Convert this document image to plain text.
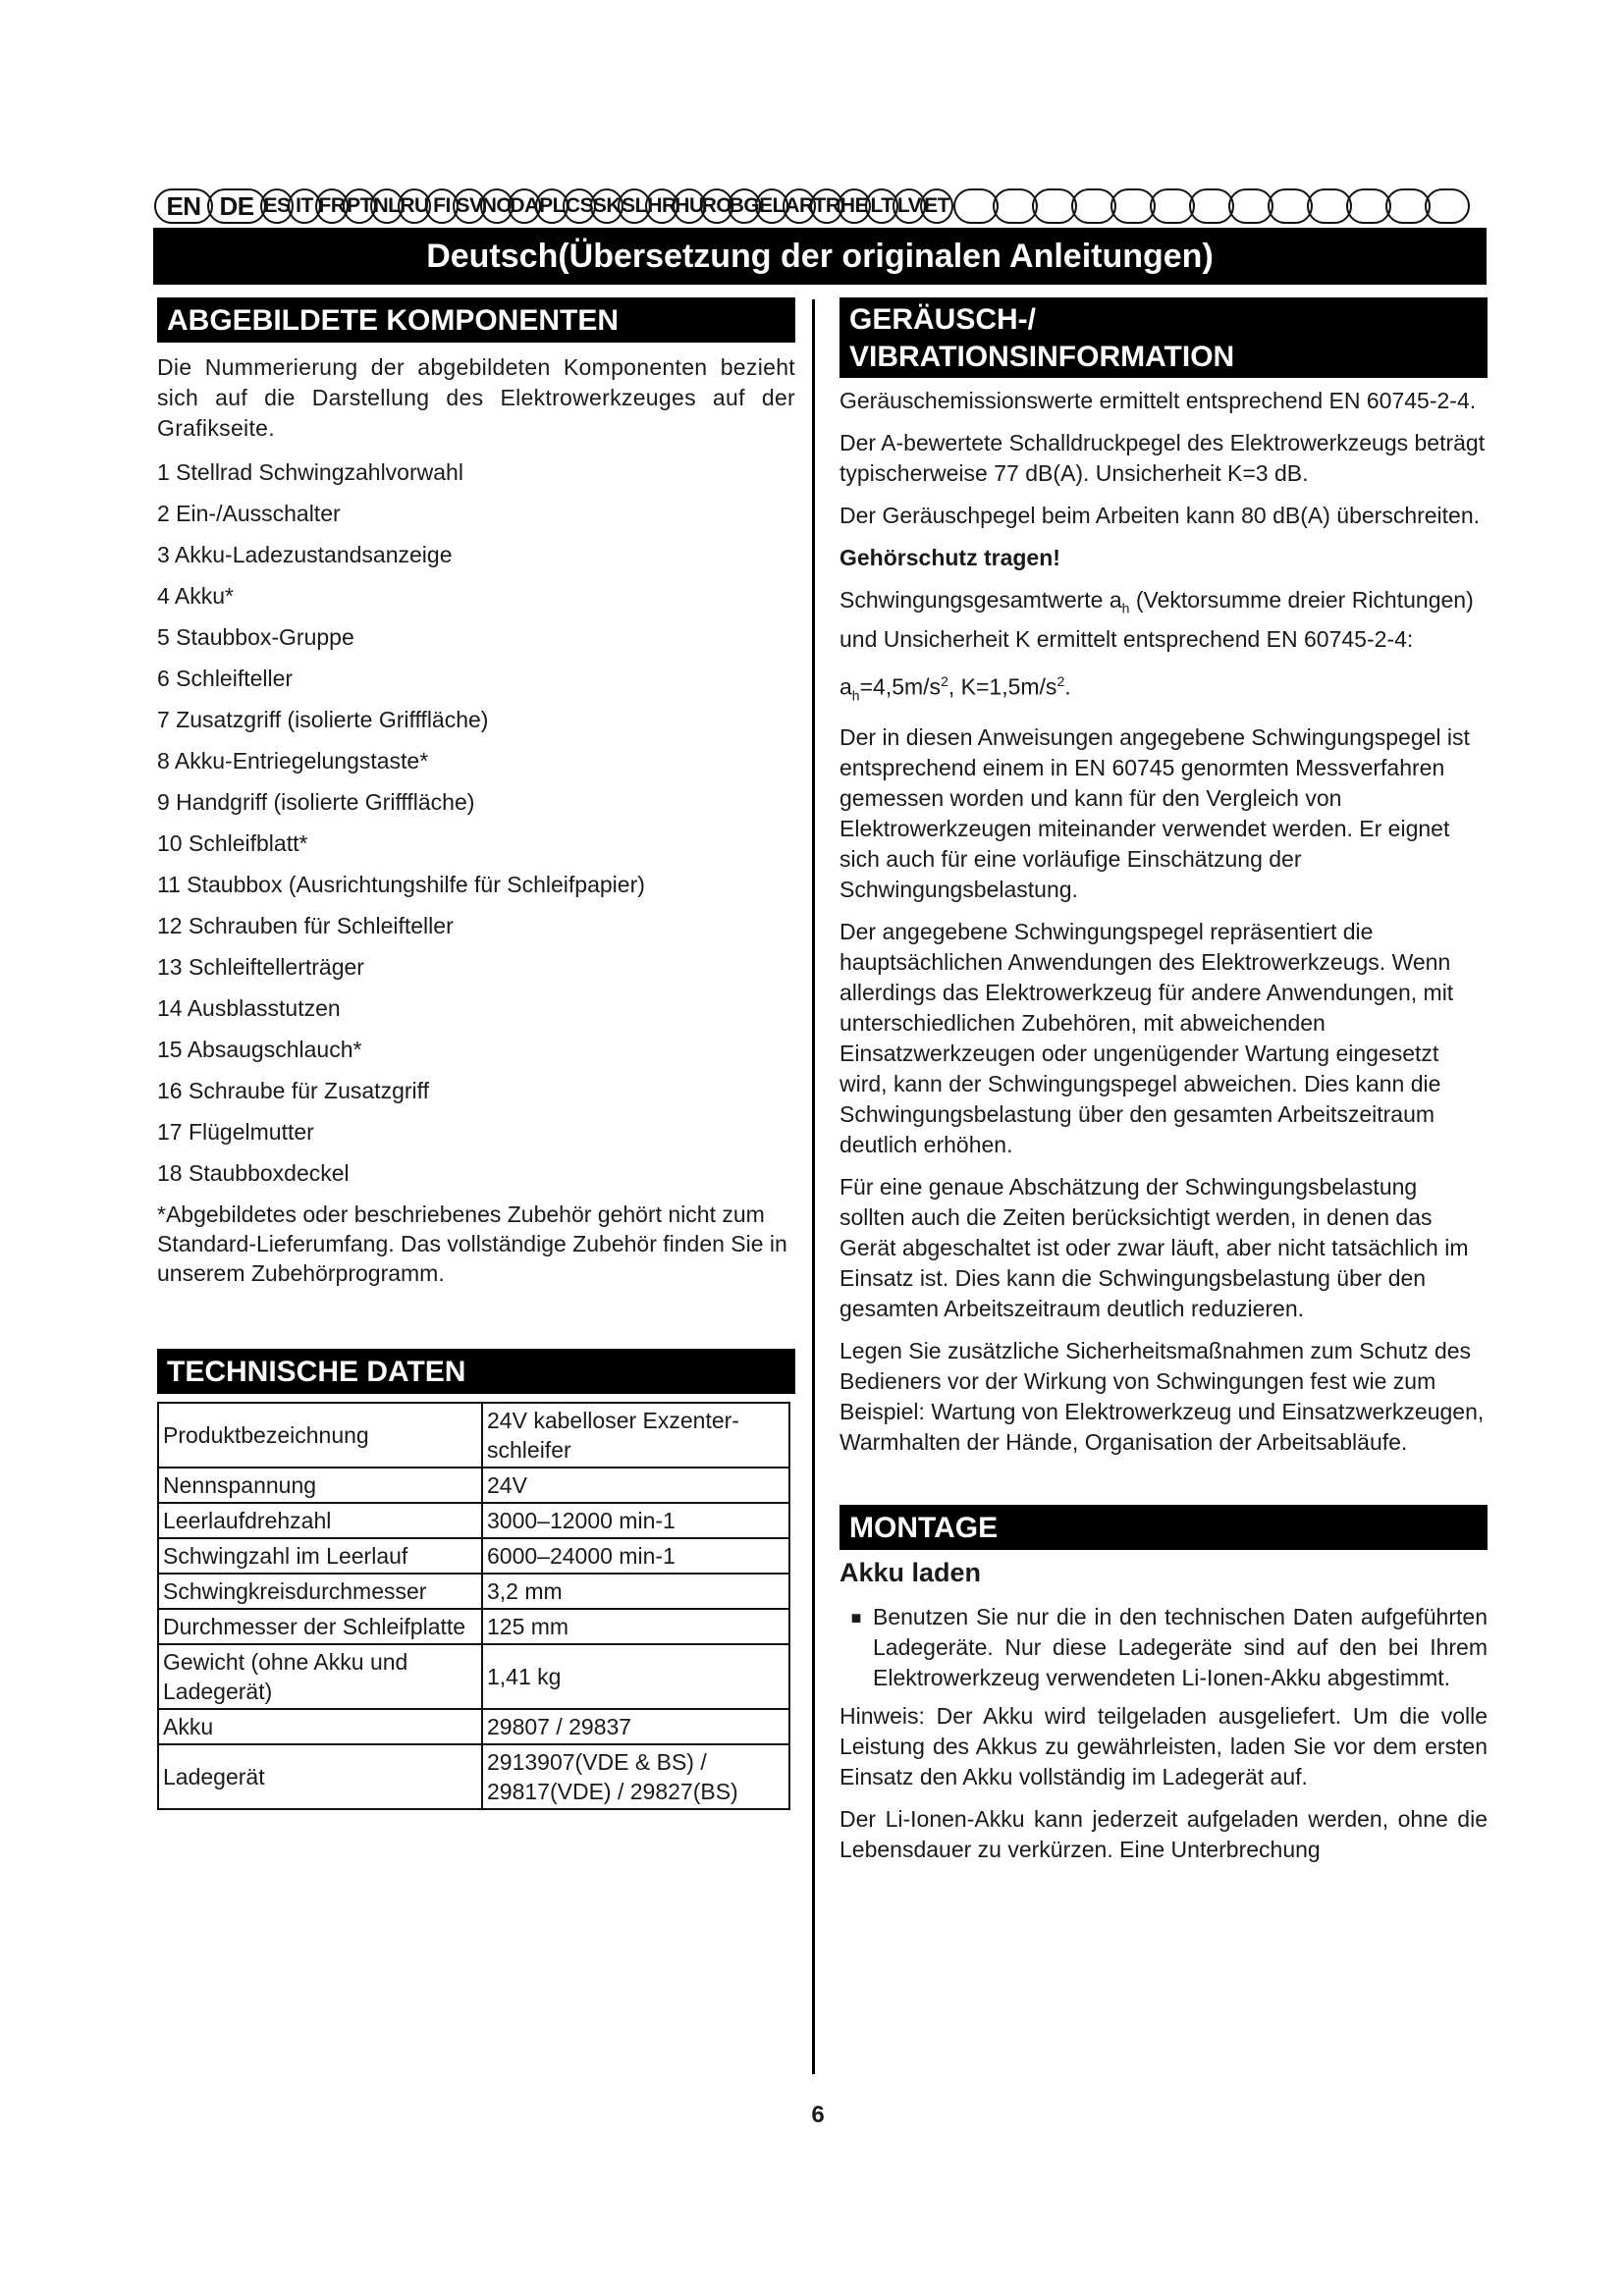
EN DE ES IT FR PT NL RU FI SV NO
DA PL CS SK SL HR
HU
RO
BG EL AR TR HE LT LV ET
Deutsch(Übersetzung der originalen Anleitungen)
ABGEBILDETE KOMPONENTEN

Die Nummerierung der abgebildeten Komponenten bezieht sich auf die Darstellung des Elektrowerkzeuges auf der Grafikseite.

1 Stellrad Schwingzahlvorwahl
2 Ein-/Ausschalter
3 Akku-Ladezustandsanzeige
4 Akku*
5 Staubbox-Gruppe
6 Schleifteller
7 Zusatzgriff (isolierte Grifffläche)
8 Akku-Entriegelungstaste*
9 Handgriff (isolierte Grifffläche)
10 Schleifblatt*
11 Staubbox (Ausrichtungshilfe für Schleifpapier)
12 Schrauben für Schleifteller
13 Schleiftellerträger
14 Ausblasstutzen
15 Absaugschlauch*
16 Schraube für Zusatzgriff
17 Flügelmutter
18 Staubboxdeckel

*Abgebildetes oder beschriebenes Zubehör gehört nicht zum Standard-Lieferumfang. Das vollständige Zubehör finden Sie in unserem Zubehörprogramm.

TECHNISCHE DATEN
Produktbezeichnung	24V kabelloser Exzenter-schleifer
Nennspannung	24V
Leerlaufdrehzahl	3000–12000 min-1
Schwingzahl im Leerlauf	6000–24000 min-1
Schwingkreisdurchmesser	3,2 mm
Durchmesser der Schleifplatte	125 mm
Gewicht (ohne Akku und Ladegerät)	1,41 kg
Akku	29807 / 29837
Ladegerät	2913907(VDE & BS) / 29817(VDE) / 29827(BS)
GERÄUSCH-/
VIBRATIONSINFORMATION

Geräuschemissionswerte ermittelt entsprechend EN 60745-2-4.

Der A-bewertete Schalldruckpegel des Elektrowerkzeugs beträgt typischerweise 77 dB(A). Unsicherheit K=3 dB.

Der Geräuschpegel beim Arbeiten kann 80 dB(A) überschreiten.

Gehörschutz tragen!

Schwingungsgesamtwerte $a_h$ (Vektorsumme dreier Richtungen) und Unsicherheit K ermittelt entsprechend EN 60745-2-4:

$a_h=4,5m/s^2$, $K=1,5m/s^2$.

Der in diesen Anweisungen angegebene Schwingungspegel ist entsprechend einem in EN 60745 genormten Messverfahren gemessen worden und kann für den Vergleich von Elektrowerkzeugen miteinander verwendet werden. Er eignet sich auch für eine vorläufige Einschätzung der Schwingungsbelastung.

Der angegebene Schwingungspegel repräsentiert die hauptsächlichen Anwendungen des Elektrowerkzeugs. Wenn allerdings das Elektrowerkzeug für andere Anwendungen, mit unterschiedlichen Zubehören, mit abweichenden Einsatzwerkzeugen oder ungenügender Wartung eingesetzt wird, kann der Schwingungspegel abweichen. Dies kann die Schwingungsbelastung über den gesamten Arbeitszeitraum deutlich erhöhen.

Für eine genaue Abschätzung der Schwingungsbelastung sollten auch die Zeiten berücksichtigt werden, in denen das Gerät abgeschaltet ist oder zwar läuft, aber nicht tatsächlich im Einsatz ist. Dies kann die Schwingungsbelastung über den gesamten Arbeitszeitraum deutlich reduzieren.

Legen Sie zusätzliche Sicherheitsmaßnahmen zum Schutz des Bedieners vor der Wirkung von Schwingungen fest wie zum Beispiel: Wartung von Elektrowerkzeug und Einsatzwerkzeugen, Warmhalten der Hände, Organisation der Arbeitsabläufe.

MONTAGE
Akku laden
■ Benutzen Sie nur die in den technischen Daten aufgeführten Ladegeräte. Nur diese Ladegeräte sind auf den bei Ihrem Elektrowerkzeug verwendeten Li-Ionen-Akku abgestimmt.

Hinweis: Der Akku wird teilgeladen ausgeliefert. Um die volle Leistung des Akkus zu gewährleisten, laden Sie vor dem ersten Einsatz den Akku vollständig im Ladegerät auf.

Der Li-Ionen-Akku kann jederzeit aufgeladen werden, ohne die Lebensdauer zu verkürzen. Eine Unterbrechung

6
